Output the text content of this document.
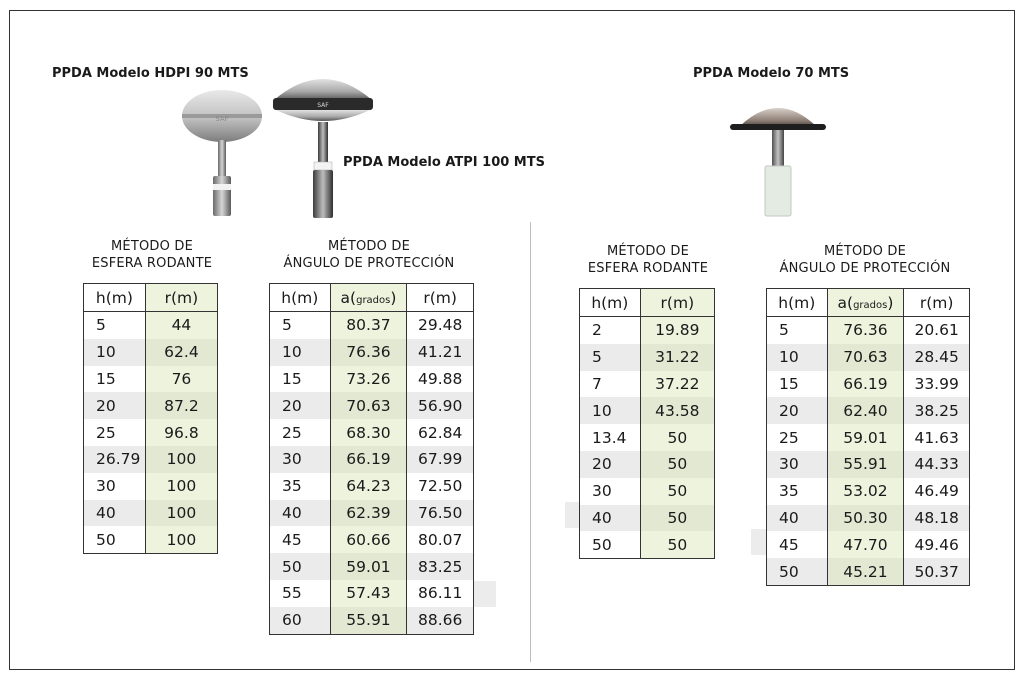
PPDA Modelo HDPI 90 MTS
PPDA Modelo ATPI 100 MTS
PPDA Modelo 70 MTS
SAF
SAF
MÉTODO DE
ESFERA RODANTE
h(m)	r(m)
5	44
10	62.4
15	76
20	87.2
25	96.8
26.79	100
30	100
40	100
50	100
MÉTODO DE
ÁNGULO DE PROTECCIÓN
h(m)	a(grados)	r(m)
5	80.37	29.48
10	76.36	41.21
15	73.26	49.88
20	70.63	56.90
25	68.30	62.84
30	66.19	67.99
35	64.23	72.50
40	62.39	76.50
45	60.66	80.07
50	59.01	83.25
55	57.43	86.11
60	55.91	88.66
MÉTODO DE
ESFERA RODANTE
h(m)	r(m)
2	19.89
5	31.22
7	37.22
10	43.58
13.4	50
20	50
30	50
40	50
50	50
MÉTODO DE
ÁNGULO DE PROTECCIÓN
h(m)	a(grados)	r(m)
5	76.36	20.61
10	70.63	28.45
15	66.19	33.99
20	62.40	38.25
25	59.01	41.63
30	55.91	44.33
35	53.02	46.49
40	50.30	48.18
45	47.70	49.46
50	45.21	50.37
